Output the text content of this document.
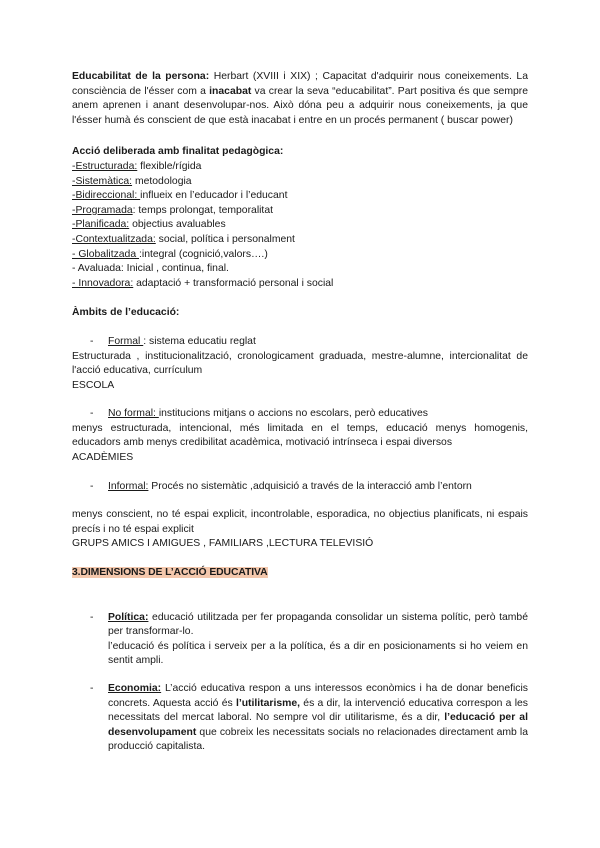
Educabilitat de la persona: Herbart (XVIII i XIX) ; Capacitat d'adquirir nous coneixements. La consciència de l'ésser com a inacabat va crear la seva “educabilitat”. Part positiva és que sempre anem aprenen i anant desenvolupar-nos. Això dóna peu a adquirir nous coneixements, ja que l'ésser humà és conscient de que està inacabat i entre en un procés permanent ( buscar power)

Acció deliberada amb finalitat pedagògica:

-Estructurada: flexible/rígida
-Sistemàtica: metodologia
-Bidireccional: influeix en l’educador i l’educant
-Programada: temps prolongat, temporalitat
-Planificada: objectius avaluables
-Contextualitzada: social, política i personalment
- Globalitzada :integral (cognició,valors….)
- Avaluada: Inicial , continua, final.
- Innovadora: adaptació + transformació personal i social

Àmbits de l’educació:

-	Formal : sistema educatiu reglat

Estructurada , institucionalització, cronologicament graduada, mestre-alumne, intercionalitat de l'acció educativa, currículum

ESCOLA

-	No formal: institucions mitjans o accions no escolars, però educatives

menys estructurada, intencional, més limitada en el temps, educació menys homogenis, educadors amb menys credibilitat acadèmica, motivació intrínseca i espai diversos

ACADÈMIES

-	Informal: Procés no sistemàtic ,adquisició a través de la interacció amb l’entorn

menys conscient, no té espai explicit, incontrolable, esporadica, no objectius planificats, ni espais precís i no té espai explicit

GRUPS AMICS I AMIGUES , FAMILIARS ,LECTURA TELEVISIÓ

3.DIMENSIONS DE L’ACCIÓ EDUCATIVA

-	Política: educació utilitzada per fer propaganda consolidar un sistema polític, però també per transformar-lo.
l’educació és política i serveix per a la política, és a dir en posicionaments si ho veiem en sentit ampli.
-	Economia: L’acció educativa respon a uns interessos econòmics i ha de donar beneficis concrets. Aquesta acció és l’utilitarisme, és a dir, la intervenció educativa correspon a les necessitats del mercat laboral. No sempre vol dir utilitarisme, és a dir, l’educació per al desenvolupament que cobreix les necessitats socials no relacionades directament amb la producció capitalista.
